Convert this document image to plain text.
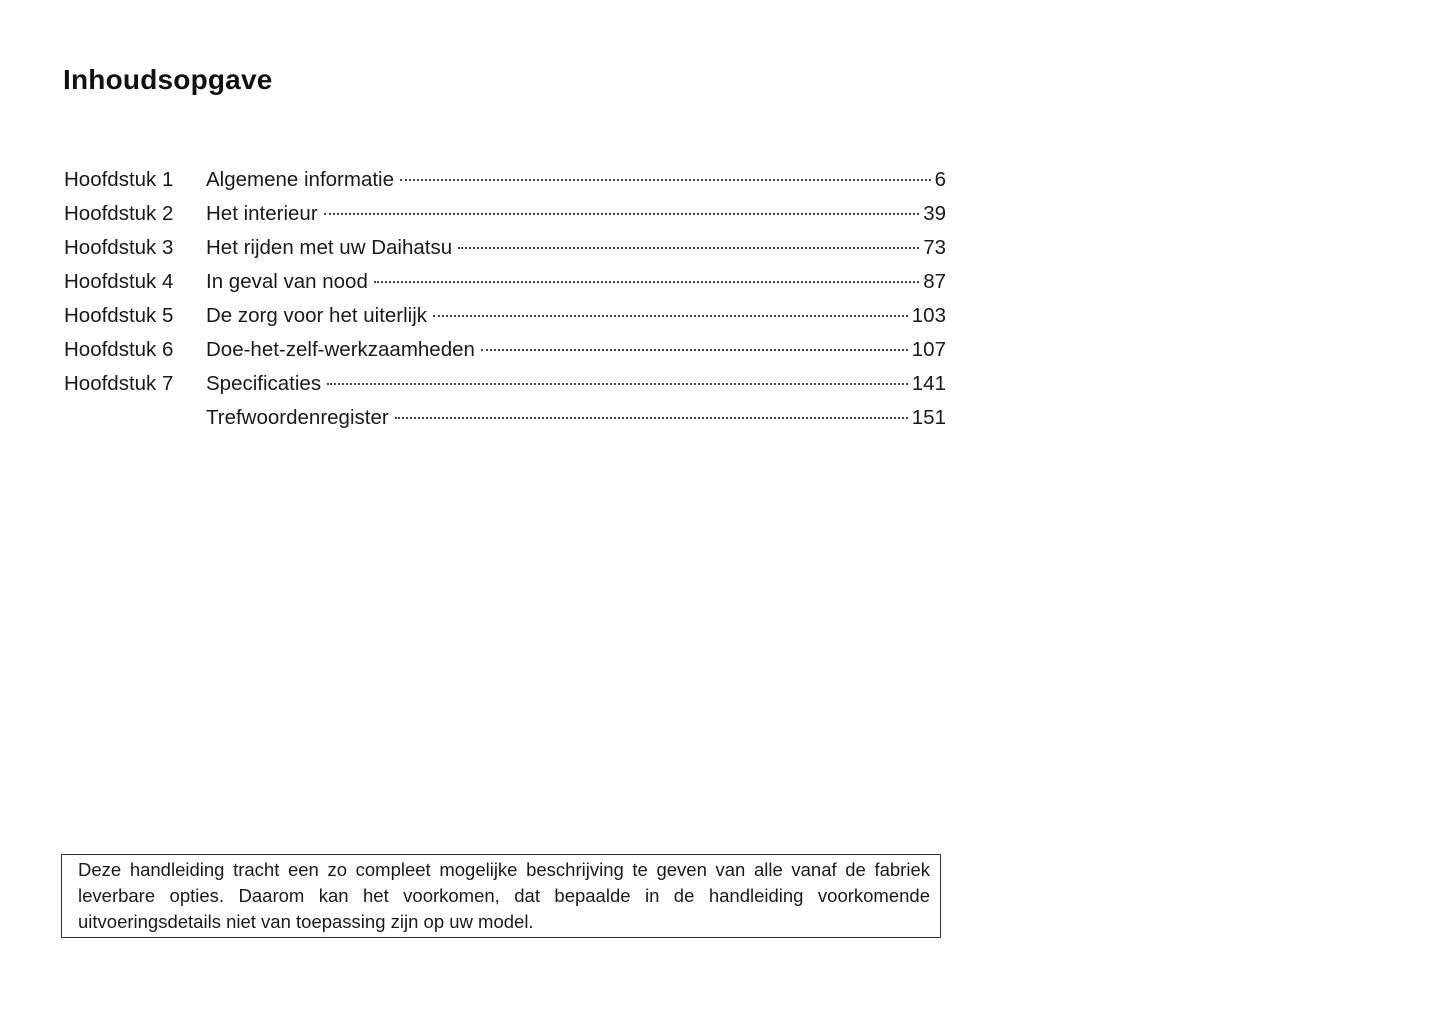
Inhoudsopgave
Hoofdstuk 1	Algemene informatie	6
Hoofdstuk 2	Het interieur	39
Hoofdstuk 3	Het rijden met uw Daihatsu	73
Hoofdstuk 4	In geval van nood	87
Hoofdstuk 5	De zorg voor het uiterlijk	103
Hoofdstuk 6	Doe-het-zelf-werkzaamheden	107
Hoofdstuk 7	Specificaties	141
Trefwoordenregister	151

Deze handleiding tracht een zo compleet mogelijke beschrijving te geven van alle vanaf de fabriek leverbare opties. Daarom kan het voorkomen, dat bepaalde in de handleiding voorkomende uitvoeringsdetails niet van toepassing zijn op uw model.
